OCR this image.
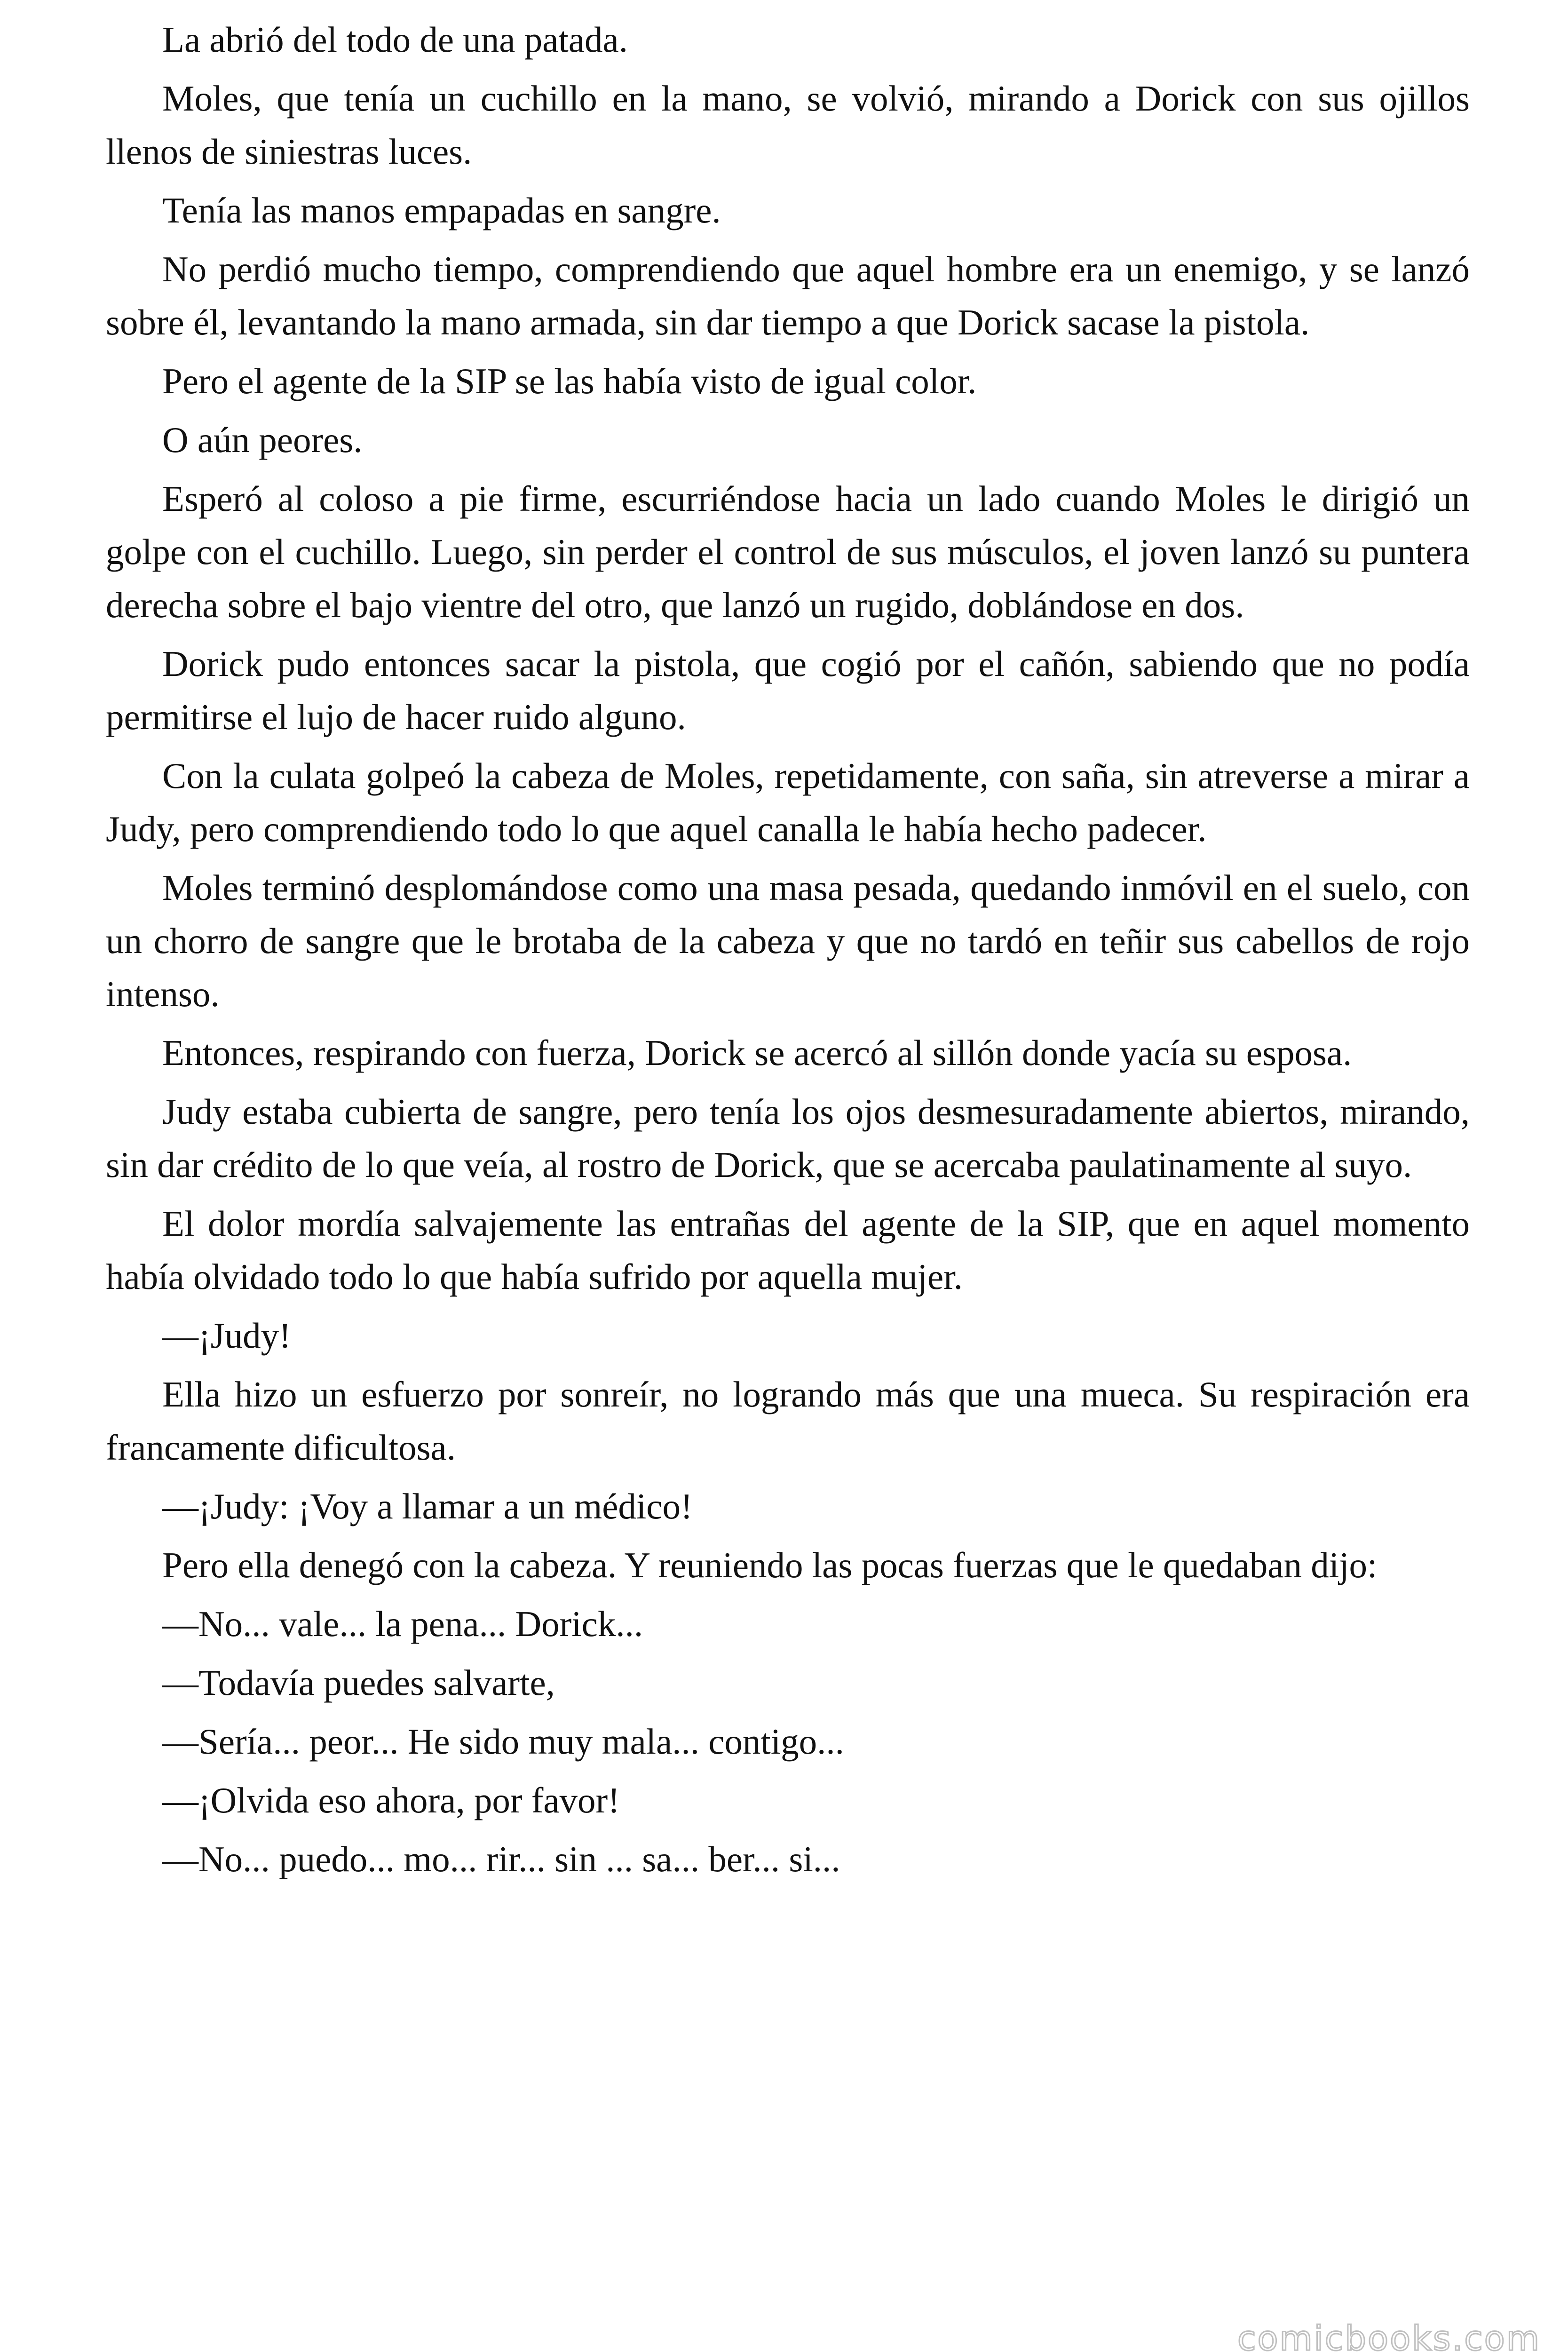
La abrió del todo de una patada.

Moles, que tenía un cuchillo en la mano, se volvió, mirando a Dorick con sus ojillos llenos de siniestras luces.

Tenía las manos empapadas en sangre.

No perdió mucho tiempo, comprendiendo que aquel hombre era un enemigo, y se lanzó sobre él, levantando la mano armada, sin dar tiempo a que Dorick sacase la pistola.

Pero el agente de la SIP se las había visto de igual color.

O aún peores.

Esperó al coloso a pie firme, escurriéndose hacia un lado cuando Moles le dirigió un golpe con el cuchillo. Luego, sin perder el control de sus músculos, el joven lanzó su puntera derecha sobre el bajo vientre del otro, que lanzó un rugido, doblándose en dos.

Dorick pudo entonces sacar la pistola, que cogió por el cañón, sabiendo que no podía permitirse el lujo de hacer ruido alguno.

Con la culata golpeó la cabeza de Moles, repetidamente, con saña, sin atreverse a mirar a Judy, pero comprendiendo todo lo que aquel canalla le había hecho padecer.

Moles terminó desplomándose como una masa pesada, quedando inmóvil en el suelo, con un chorro de sangre que le brotaba de la cabeza y que no tardó en teñir sus cabellos de rojo intenso.

Entonces, respirando con fuerza, Dorick se acercó al sillón donde yacía su esposa.

Judy estaba cubierta de sangre, pero tenía los ojos desmesuradamente abiertos, mirando, sin dar crédito de lo que veía, al rostro de Dorick, que se acercaba paulatinamente al suyo.

El dolor mordía salvajemente las entrañas del agente de la SIP, que en aquel momento había olvidado todo lo que había sufrido por aquella mujer.

—¡Judy!

Ella hizo un esfuerzo por sonreír, no logrando más que una mueca. Su respiración era francamente dificultosa.

—¡Judy: ¡Voy a llamar a un médico!

Pero ella denegó con la cabeza. Y reuniendo las pocas fuerzas que le quedaban dijo:

—No... vale... la pena... Dorick...

—Todavía puedes salvarte,

—Sería... peor... He sido muy mala... contigo...

—¡Olvida eso ahora, por favor!

—No... puedo... mo... rir... sin ... sa... ber... si...

comicbooks.com
